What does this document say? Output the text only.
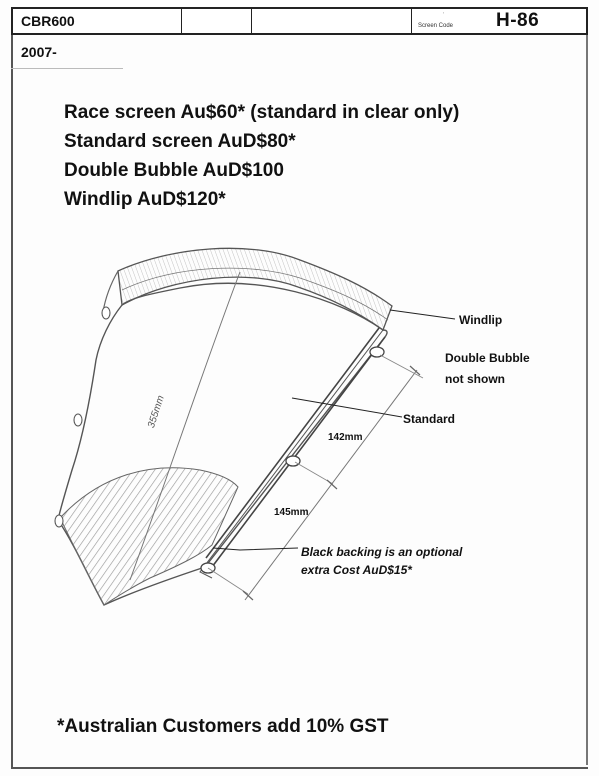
CBR600	ˈ
Screen Code H-86
2007-
Race screen Au$60* (standard in clear only)
Standard screen AuD$80*
Double Bubble AuD$100
Windlip AuD$120*
Windlip
Double Bubble
not shown
Standard
142mm
145mm
355mm
Black backing is an optional
extra Cost AuD$15*
*Australian Customers add 10% GST
